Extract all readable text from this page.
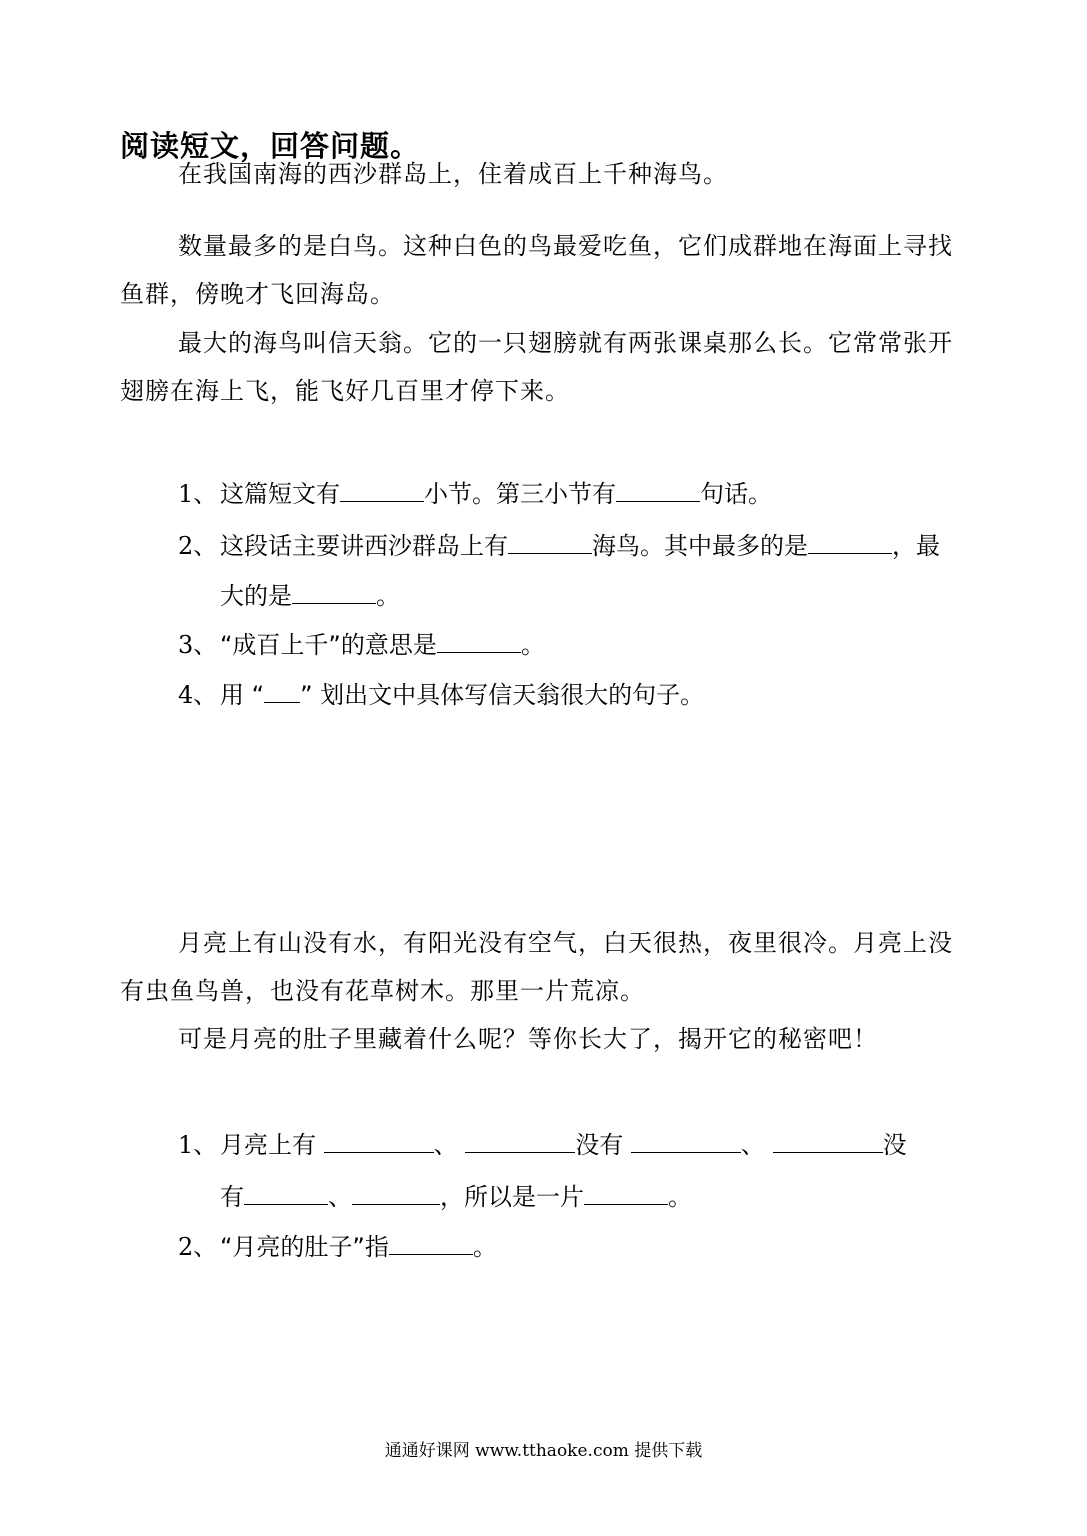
阅读短文，回答问题。

在我国南海的西沙群岛上，住着成百上千种海鸟。

数量最多的是白鸟。这种白色的鸟最爱吃鱼，它们成群地在海面上寻找鱼群，傍晚才飞回海岛。

最大的海鸟叫信天翁。它的一只翅膀就有两张课桌那么长。它常常张开翅膀在海上飞，能飞好几百里才停下来。

1、 这篇短文有	小节。第三小节有	句话。
2、 这段话主要讲西沙群岛上有	海鸟。其中最多的是	，最
大的是	。
3、 “成百上千”的意思是	。
4、 用 “ ” 划出文中具体写信天翁很大的句子。

月亮上有山没有水，有阳光没有空气，白天很热，夜里很冷。月亮上没有虫鱼鸟兽，也没有花草树木。那里一片荒凉。

可是月亮的肚子里藏着什么呢？等你长大了，揭开它的秘密吧！

1、 月亮上有	、	没有	、	没
有	、	，所以是一片	。
2、 “月亮的肚子”指	。
通通好课网 www.tthaoke.com 提供下载
